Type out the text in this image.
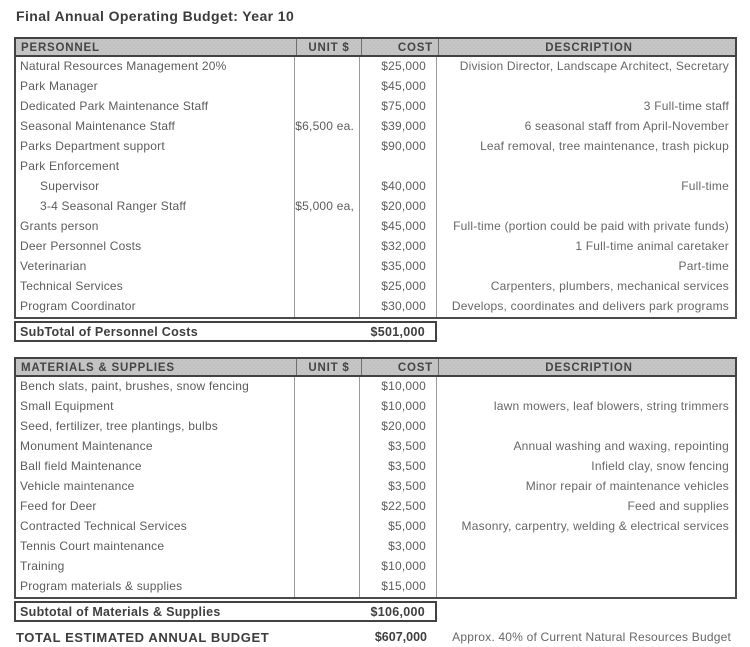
Final Annual Operating Budget: Year 10
PERSONNEL	UNIT $	COST	DESCRIPTION
Natural Resources Management 20%	$25,000	Division Director, Landscape Architect, Secretary
Park Manager	$45,000
Dedicated Park Maintenance Staff	$75,000	3 Full-time staff
Seasonal Maintenance Staff	$6,500 ea.	$39,000	6 seasonal staff from April-November
Parks Department support	$90,000	Leaf removal, tree maintenance, trash pickup
Park Enforcement
Supervisor	$40,000	Full-time
3-4 Seasonal Ranger Staff	$5,000 ea,	$20,000
Grants person	$45,000	Full-time (portion could be paid with private funds)
Deer Personnel Costs	$32,000	1 Full-time animal caretaker
Veterinarian	$35,000	Part-time
Technical Services	$25,000	Carpenters, plumbers, mechanical services
Program Coordinator	$30,000	Develops, coordinates and delivers park programs
SubTotal of Personnel Costs	$501,000
MATERIALS & SUPPLIES	UNIT $	COST	DESCRIPTION
Bench slats, paint, brushes, snow fencing	$10,000
Small Equipment	$10,000	lawn mowers, leaf blowers, string trimmers
Seed, fertilizer, tree plantings, bulbs	$20,000
Monument Maintenance	$3,500	Annual washing and waxing, repointing
Ball field Maintenance	$3,500	Infield clay, snow fencing
Vehicle maintenance	$3,500	Minor repair of maintenance vehicles
Feed for Deer	$22,500	Feed and supplies
Contracted Technical Services	$5,000	Masonry, carpentry, welding & electrical services
Tennis Court maintenance	$3,000
Training	$10,000
Program materials & supplies	$15,000
Subtotal of Materials & Supplies	$106,000
TOTAL ESTIMATED ANNUAL BUDGET	$607,000	Approx. 40% of Current Natural Resources Budget
